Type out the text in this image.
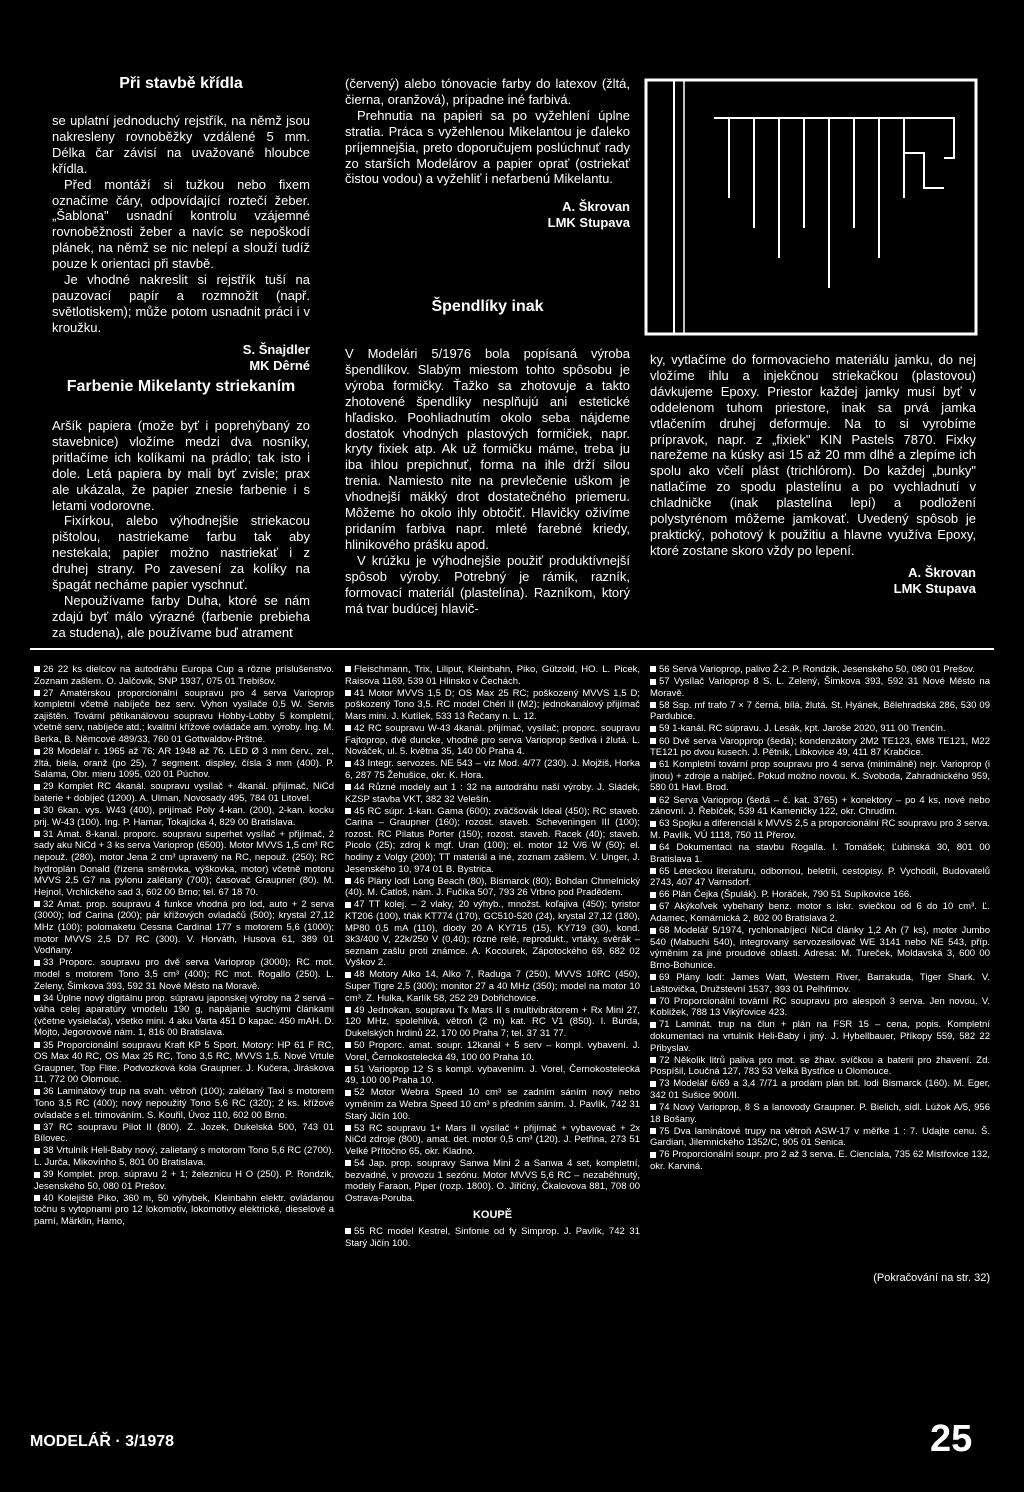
Při stavbě křídla

se uplatní jednoduchý rejstřík, na němž jsou nakresleny rovnoběžky vzdálené 5 mm. Délka čar závisí na uvažované hloubce křídla.

Před montáží si tužkou nebo fixem označíme čáry, odpovídající roztečí žeber. „Šablona" usnadní kontrolu vzájemné rovnoběžnosti žeber a navíc se nepoškodí plánek, na němž se nic nelepí a slouží tudíž pouze k orientaci při stavbě.

Je vhodné nakreslit si rejstřík tuší na pauzovací papír a rozmnožit (např. světlotiskem); může potom usnadnit práci i v kroužku.

S. Šnajdler
MK Dêrné
Farbenie Mikelanty striekaním

Aršík papiera (može byť i poprehýbaný zo stavebnice) vložíme medzi dva nosníky, pritlačíme ich kolíkami na prádlo; tak isto i dole. Letá papiera by mali byť zvisle; prax ale ukázala, že papier znesie farbenie i s letami vodorovne.

Fixírkou, alebo výhodnejšie striekacou pištolou, nastriekame farbu tak aby nestekala; papier možno nastriekať i z druhej strany. Po zavesení za kolíky na špagát necháme papier vyschnuť.

Nepoužívame farby Duha, ktoré se nám zdajú byť málo výrazné (farbenie prebieha za studena), ale používame buď atrament

(červený) alebo tónovacie farby do latexov (žltá, čierna, oranžová), prípadne iné farbivá.

Prehnutia na papieri sa po vyžehlení úplne stratia. Práca s vyžehlenou Mikelantou je ďaleko príjemnejšia, preto doporučujem poslúchnuť rady zo starších Modelárov a papier oprať (ostriekať čistou vodou) a vyžehliť i nefarbenú Mikelantu.

A. Škrovan
LMK Stupava
Špendlíky inak

V Modelári 5/1976 bola popísaná výroba špendlíkov. Slabým miestom tohto spôsobu je výroba formičky. Ťažko sa zhotovuje a takto zhotovené špendlíky nesplňujú ani estetické hľadisko. Poohliadnutím okolo seba nájdeme dostatok vhodných plastových formičiek, napr. kryty fixiek atp. Ak už formičku máme, treba ju iba ihlou prepichnuť, forma na ihle drží silou trenia. Namiesto nite na prevlečenie uškom je vhodnejší mäkký drot dostatečného priemeru. Môžeme ho okolo ihly obtočiť. Hlavičky oživíme pridaním farbiva napr. mleté farebné kriedy, hlinikového prášku apod.

V krúžku je výhodnejšie použiť produktívnejší spôsob výroby. Potrebný je rámik, razník, formovací materiál (plastelína). Razníkom, ktorý má tvar budúcej hlavič-

ky, vytlačíme do formovacieho materiálu jamku, do nej vložíme ihlu a injekčnou striekačkou (plastovou) dávkujeme Epoxy. Priestor každej jamky musí byť v oddelenom tuhom priestore, inak sa prvá jamka vtlačením druhej deformuje. Na to si vyrobíme prípravok, napr. z „fixiek" KIN Pastels 7870. Fixky narežeme na kúsky asi 15 až 20 mm dlhé a zlepíme ich spolu ako včelí plást (trichlórom). Do každej „bunky" natlačíme zo spodu plastelínu a po vychladnutí v chladničke (inak plastelína lepí) a podložení polystyrénom môžeme jamkovať. Uvedený spôsob je praktický, pohotový k použitiu a hlavne využíva Epoxy, ktoré zostane skoro vždy po lepení.

A. Škrovan
LMK Stupava

26 22 ks dielcov na autodráhu Europa Cup a rôzne príslušenstvo. Zoznam zašlem. O. Jalčovik, SNP 1937, 075 01 Trebišov.

27 Amatérskou proporcionální soupravu pro 4 serva Varioprop kompletní včetně nabíječe bez serv. Vyhon vysílače 0,5 W. Servis zajištěn. Tovární pětikanálovou soupravu Hobby-Lobby 5 kompletní, včetně serv, nabíječe atd.; kvalitní křížové ovládače am. výroby. Ing. M. Berka, B. Němcové 489/33, 760 01 Gottwaldov-Prštné.

28 Modelář r. 1965 až 76; AR 1948 až 76. LED Ø 3 mm červ., zel., žltá, biela, oranž (po 25), 7 segment. displey, čísla 3 mm (400). P. Salama, Obr. mieru 1095, 020 01 Púchov.

29 Komplet RC 4kanál. soupravu vysílač + 4kanál. přijímač, NiCd baterie + dobíječ (1200). A. Ulman, Novosady 495, 784 01 Litovel.

30 6kan. vys. W43 (400), prijímač Poly 4-kan. (200), 2-kan. kocku prij. W-43 (100). Ing. P. Hamar, Tokajícka 4, 829 00 Bratislava.

31 Amat. 8-kanal. proporc. soupravu superhet vysílač + přijímač, 2 sady aku NiCd + 3 ks serva Varioprop (6500). Motor MVVS 1,5 cm³ RC nepouž. (280), motor Jena 2 cm³ upravený na RC, nepouž. (250); RC hydroplán Donald (řízena směrovka, výškovka, motor) včetně motoru MVVS 2,5 G7 na pylonu zalétaný (700); časovač Graupner (80). M. Hejnol, Vrchlického sad 3, 602 00 Brno; tel. 67 18 70.

32 Amat. prop. soupravu 4 funkce vhodná pro lod, auto + 2 serva (3000); loď Carina (200); pár křížových ovladačů (500); krystal 27,12 MHz (100); polomaketu Cessna Cardinal 177 s motorem 5,6 (1000); motor MVVS 2,5 D7 RC (300). V. Horváth, Husova 61, 389 01 Vodňany.

33 Proporc. soupravu pro dvě serva Varioprop (3000); RC mot. model s motorem Tono 3,5 cm³ (400); RC mot. Rogallo (250). L. Zeleny, Šimkova 393, 592 31 Nové Město na Moravě.

34 Úplne nový digitálnu prop. súpravu japonskej výroby na 2 servá – váha celej aparatúry vmodelu 190 g, napájanie suchými článkami (včetne vysielača), všetko mini. 4 aku Varta 451 D kapac. 450 mAH. D. Mojto, Jegorovové nám. 1, 816 00 Bratislava.

35 Proporcionální soupravu Kraft KP 5 Sport. Motory: HP 61 F RC, OS Max 40 RC, OS Max 25 RC, Tono 3,5 RC, MVVS 1,5. Nové Vrtule Graupner, Top Flite. Podvozková kola Graupner. J. Kučera, Jiráskova 11, 772 00 Olomouc.

36 Laminátový trup na svah. větroň (100); zalétaný Taxi s motorem Tono 3,5 RC (400); nový nepoužitý Tono 5,6 RC (320); 2 ks. křížové ovladače s el. trimováním. S. Kouřil, Úvoz 110, 602 00 Brno.

37 RC soupravu Pilot II (800). Z. Jozek, Dukelská 500, 743 01 Bílovec.

38 Vrtulník Heli-Baby nový, zalietaný s motorom Tono 5,6 RC (2700). L. Jurča, Mikovínho 5, 801 00 Bratislava.

39 Komplet. prop. súpravu 2 + 1; železnicu H O (250). P. Rondzik, Jesenského 50, 080 01 Prešov.

40 Kolejiště Piko, 360 m, 50 výhybek, Kleinbahn elektr. ovládanou točnu s vytopnami pro 12 lokomotiv, lokomotivy elektrické, dieselové a parní, Märklin, Hamo,

Fleischmann, Trix, Liliput, Kleinbahn, Piko, Gützold, HO. L. Picek, Raisova 1169, 539 01 Hlinsko v Čechách.

41 Motor MVVS 1,5 D; OS Max 25 RC; poškozený MVVS 1,5 D; poškozený Tono 3,5. RC model Chéri II (M2); jednokanálový přijímač Mars mini. J. Kutílek, 533 13 Řečany n. L. 12.

42 RC soupravu W-43 4kanál. přijímač, vysílač; proporc. soupravu Fajtoprop, dvě duncke, vhodné pro serva Varioprop šedivá i žlutá. L. Nováček, ul. 5. května 35, 140 00 Praha 4.

43 Integr. servozes. NE 543 – viz Mod. 4/77 (230). J. Mojžiš, Horka 6, 287 75 Žehušice, okr. K. Hora.

44 Různé modely aut 1 : 32 na autodráhu naší výroby. J. Sládek, KZSP stavba VKT, 382 32 Velešín.

45 RC súpr. 1-kan. Gama (600); zväčšovák Ideal (450); RC staveb. Carina – Graupner (160); rozost. staveb. Scheveningen III (100); rozost. RC Pilatus Porter (150); rozost. staveb. Racek (40); staveb. Picolo (25); zdroj k mgf. Uran (100); el. motor 12 V/6 W (50); el. hodiny z Volgy (200); TT materiál a iné, zoznam zašlem. V. Unger, J. Jesenského 10, 974 01 B. Bystrica.

46 Plány lodí Long Beach (80), Bismarck (80); Bohdan Chmelnický (40). M. Čatloš, nám. J. Fučíka 507, 793 26 Vrbno pod Pradědem.

47 TT kolej. – 2 vlaky, 20 výhyb., množst. koľajiva (450); tyristor KT206 (100), tňák KT774 (170), GC510-520 (24), krystal 27,12 (180), MP80 0,5 mA (110), diody 20 A KY715 (15), KY719 (30), kond. 3k3/400 V, 22k/250 V (0,40); rôzné relé, reprodukt., vrtáky, svěrák – seznam zašlu proti známce. A. Kocourek, Zápotockého 69, 682 02 Vyškov 2.

48 Motory Alko 14, Alko 7, Raduga 7 (250), MVVS 10RC (450), Super Tigre 2,5 (300); monitor 27 a 40 MHz (350); model na motor 10 cm³. Z. Hulka, Karlík 58, 252 29 Dobřichovice.

49 Jednokan. soupravu Tx Mars II s multivibrátorem + Rx Mini 27, 120 MHz, spolehlivá, větroň (2 m) kat. RC V1 (850). I. Burda, Dukelských hrdinů 22, 170 00 Praha 7; tel. 37 31 77.

50 Proporc. amat. soupr. 12kanál + 5 serv – kompl. vybavení. J. Vorel, Černokostelecká 49, 100 00 Praha 10.

51 Varioprop 12 S s kompl. vybavením. J. Vorel, Černokostelecká 49, 100 00 Praha 10.

52 Motor Webra Speed 10 cm³ se zadním sáním nový nebo vyměním za Webra Speed 10 cm³ s předním sáním. J. Pavlík, 742 31 Starý Jičín 100.

53 RC soupravu 1+ Mars II vysílač + přijímač + vybavovač + 2x NiCd zdroje (800), amat. det. motor 0,5 cm³ (120). J. Petřina, 273 51 Velké Přítočno 65, okr. Kladno.

54 Jap. prop. soupravy Sanwa Mini 2 a Sanwa 4 set, kompletní, bezvadné, v provozu 1 sezónu. Motor MVVS 5,6 RC – nezaběhnutý, modely Faraon, Piper (rozp. 1800). O. Jiřičný, Čkalovova 881, 708 00 Ostrava-Poruba.

KOUPĚ

55 RC model Kestrel, Sinfonie od fy Simprop. J. Pavlík, 742 31 Starý Jičín 100.

56 Servá Varioprop, palivo Ž-2. P. Rondzik, Jesenského 50, 080 01 Prešov.

57 Vysílač Varioprop 8 S. L. Zelený, Šimkova 393, 592 31 Nové Město na Moravě.

58 Ssp. mf trafo 7 × 7 černá, bílá, žlutá. St. Hyánek, Bělehradská 286, 530 09 Pardubice.

59 1-kanál. RC súpravu. J. Lesák, kpt. Jaroše 2020, 911 00 Trenčín.

60 Dvě serva Varopprop (šedá); kondenzátory 2M2 TE123, 6M8 TE121, M22 TE121 po dvou kusech. J. Pětník, Libkovice 49, 411 87 Krabčice.

61 Kompletní tovární prop soupravu pro 4 serva (minimálně) nejr. Varioprop (i jinou) + zdroje a nabíječ. Pokud možno novou. K. Svoboda, Zahradnického 959, 580 01 Havl. Brod.

62 Serva Varioprop (šedá – č. kat. 3765) + konektory – po 4 ks, nové nebo zánovní. J. Řebíček, 539 41 Kameničky 122, okr. Chrudim.

63 Spojku a diferenciál k MVVS 2,5 a proporcionální RC soupravu pro 3 serva. M. Pavlík, VÚ 1118, 750 11 Přerov.

64 Dokumentaci na stavbu Rogalla. I. Tomášek; Ľubinská 30, 801 00 Bratislava 1.

65 Leteckou literaturu, odbornou, beletrii, cestopisy. P. Vychodil, Budovatelů 2743, 407 47 Varnsdorf.

66 Plán Čejka (Špulák). P. Horáček, 790 51 Supíkovice 166.

67 Akýkoľvek vybehaný benz. motor s iskr. sviečkou od 6 do 10 cm³. Ľ. Adamec, Komárnická 2, 802 00 Bratislava 2.

68 Modelář 5/1974, rychlonabíjecí NiCd články 1,2 Ah (7 ks), motor Jumbo 540 (Mabuchi 540), integrovaný servozesilovač WE 3141 nebo NE 543, příp. výměnim za jiné proudové oblasti. Adresa: M. Tureček, Moldavská 3, 600 00 Brno-Bohunice.

69 Plány lodí: James Watt, Western River, Barrakuda, Tiger Shark. V. Laštovička, Družstevní 1537, 393 01 Pelhřimov.

70 Proporcionální tovární RC soupravu pro alespoň 3 serva. Jen novou. V. Kobližek, 788 13 Vikýřovice 423.

71 Laminát. trup na člun + plán na FSR 15 – cena, popis. Kompletní dokumentaci na vrtulník Heli-Baby i jiný. J. Hybellbauer, Příkopy 559, 582 22 Přibyslav.

72 Několik litrů paliva pro mot. se žhav. svíčkou a baterii pro žhavení. Zd. Pospíšil, Loučná 127, 783 53 Velká Bystřice u Olomouce.

73 Modelář 6/69 a 3,4 7/71 a prodám plán bit. lodi Bismarck (160). M. Eger, 342 01 Sušice 900/II.

74 Nový Varioprop, 8 S a lanovody Graupner. P. Bielich, sídl. Lúžok A/5, 956 18 Bošany.

75 Dva laminátové trupy na větroň ASW-17 v měřke 1 : 7. Udajte cenu. Š. Gardian, Jilemnického 1352/C, 905 01 Senica.

76 Proporcionální soupr. pro 2 až 3 serva. E. Cienciala, 735 62 Mistřovice 132, okr. Karviná.

(Pokračování na str. 32)
MODELÁŘ · 3/1978	25
